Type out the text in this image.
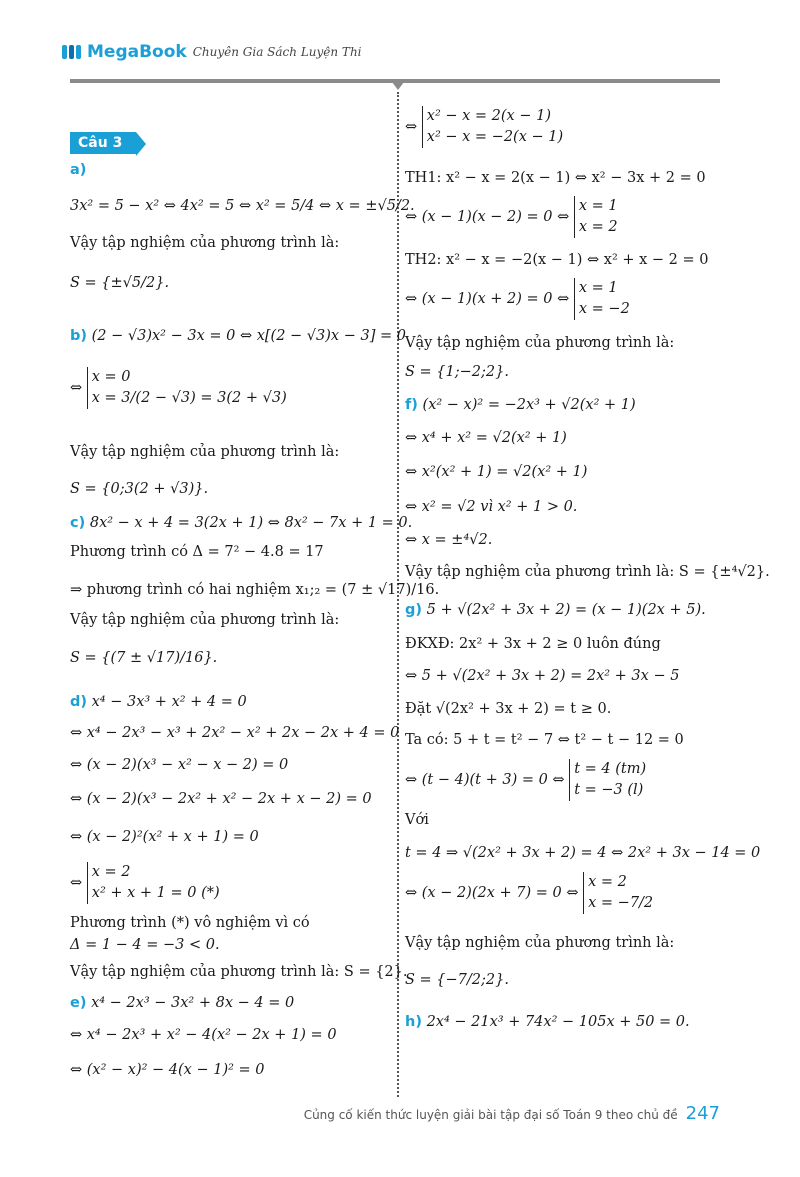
MegaBook Chuyên Gia Sách Luyện Thi
Câu 3
a)
3x² = 5 − x² ⇔ 4x² = 5 ⇔ x² = 5/4 ⇔ x = ±√5/2.
Vậy tập nghiệm của phương trình là:
S = {±√5/2}.
b) (2 − √3)x² − 3x = 0 ⇔ x[(2 − √3)x − 3] = 0
⇔ x = 0
x = 3/(2 − √3) = 3(2 + √3)
Vậy tập nghiệm của phương trình là:
S = {0;3(2 + √3)}.
c) 8x² − x + 4 = 3(2x + 1) ⇔ 8x² − 7x + 1 = 0.
Phương trình có Δ = 7² − 4.8 = 17
⇒ phương trình có hai nghiệm x₁;₂ = (7 ± √17)/16.
Vậy tập nghiệm của phương trình là:
S = {(7 ± √17)/16}.
d) x⁴ − 3x³ + x² + 4 = 0
⇔ x⁴ − 2x³ − x³ + 2x² − x² + 2x − 2x + 4 = 0
⇔ (x − 2)(x³ − x² − x − 2) = 0
⇔ (x − 2)(x³ − 2x² + x² − 2x + x − 2) = 0
⇔ (x − 2)²(x² + x + 1) = 0
⇔ x = 2
x² + x + 1 = 0 (*)
Phương trình (*) vô nghiệm vì có
Δ = 1 − 4 = −3 < 0.
Vậy tập nghiệm của phương trình là: S = {2}.
e) x⁴ − 2x³ − 3x² + 8x − 4 = 0
⇔ x⁴ − 2x³ + x² − 4(x² − 2x + 1) = 0
⇔ (x² − x)² − 4(x − 1)² = 0
⇔ x² − x = 2(x − 1)
x² − x = −2(x − 1)
TH1: x² − x = 2(x − 1) ⇔ x² − 3x + 2 = 0
⇔ (x − 1)(x − 2) = 0 ⇔ x = 1
x = 2
TH2: x² − x = −2(x − 1) ⇔ x² + x − 2 = 0
⇔ (x − 1)(x + 2) = 0 ⇔ x = 1
x = −2
Vậy tập nghiệm của phương trình là:
S = {1;−2;2}.
f) (x² − x)² = −2x³ + √2(x² + 1)
⇔ x⁴ + x² = √2(x² + 1)
⇔ x²(x² + 1) = √2(x² + 1)
⇔ x² = √2 vì x² + 1 > 0.
⇔ x = ±⁴√2.
Vậy tập nghiệm của phương trình là: S = {±⁴√2}.
g) 5 + √(2x² + 3x + 2) = (x − 1)(2x + 5).
ĐKXĐ: 2x² + 3x + 2 ≥ 0 luôn đúng
⇔ 5 + √(2x² + 3x + 2) = 2x² + 3x − 5
Đặt √(2x² + 3x + 2) = t ≥ 0.
Ta có: 5 + t = t² − 7 ⇔ t² − t − 12 = 0
⇔ (t − 4)(t + 3) = 0 ⇔ t = 4 (tm)
t = −3 (l)
Với
t = 4 ⇒ √(2x² + 3x + 2) = 4 ⇔ 2x² + 3x − 14 = 0
⇔ (x − 2)(2x + 7) = 0 ⇔ x = 2
x = −7/2
Vậy tập nghiệm của phương trình là:
S = {−7/2;2}.
h) 2x⁴ − 21x³ + 74x² − 105x + 50 = 0.
Củng cố kiến thức luyện giải bài tập đại số Toán 9 theo chủ đề 247
